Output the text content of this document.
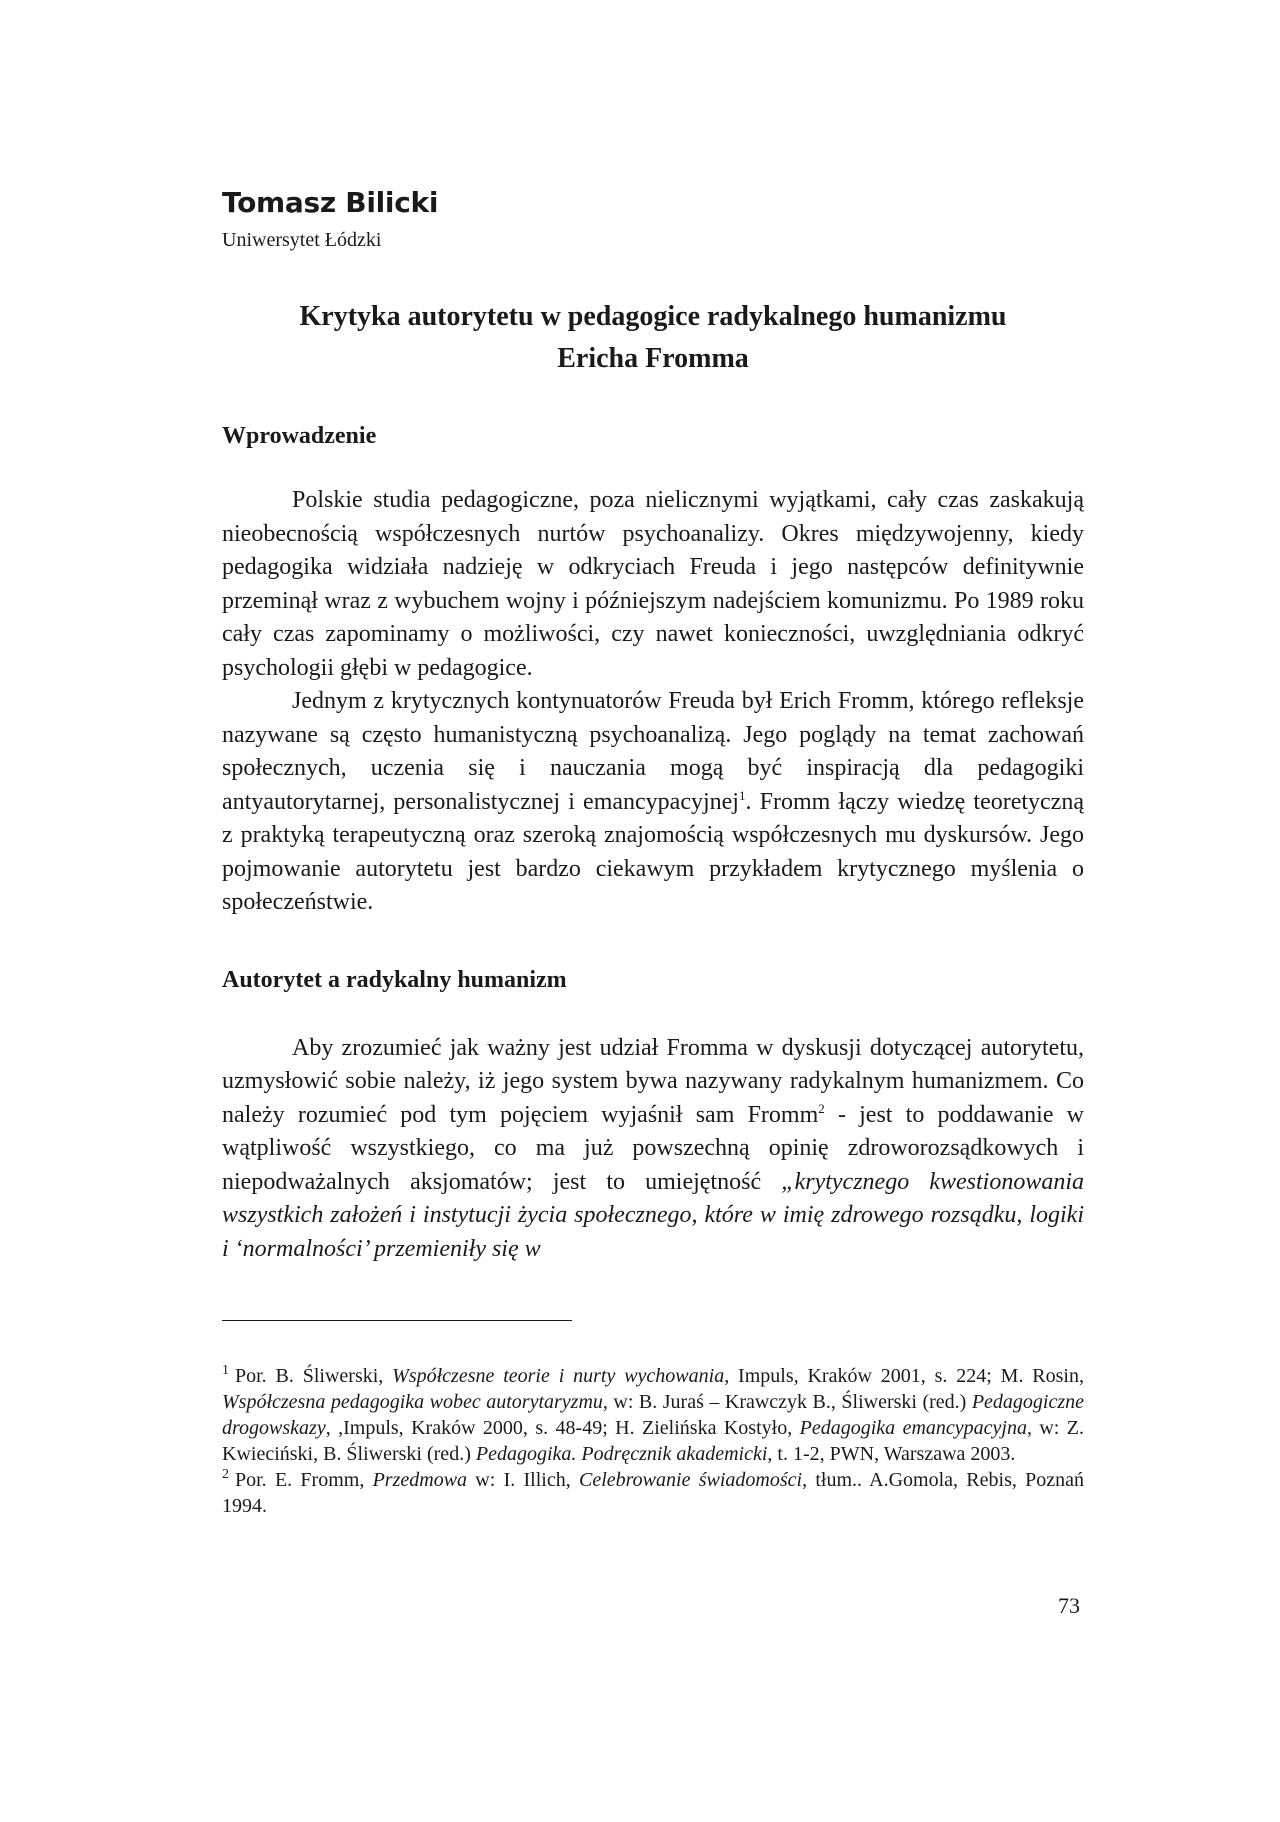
Tomasz Bilicki

Uniwersytet Łódzki

Krytyka autorytetu w pedagogice radykalnego humanizmu
Ericha Fromma
Wprowadzenie

Polskie studia pedagogiczne, poza nielicznymi wyjątkami, cały czas zaskakują nieobecnością współczesnych nurtów psychoanalizy. Okres międzywojenny, kiedy pedagogika widziała nadzieję w odkryciach Freuda i jego następców definitywnie przeminął wraz z wybuchem wojny i późniejszym nadejściem komunizmu. Po 1989 roku cały czas zapominamy o możliwości, czy nawet konieczności, uwzględniania odkryć psychologii głębi w pedagogice.

Jednym z krytycznych kontynuatorów Freuda był Erich Fromm, którego refleksje nazywane są często humanistyczną psychoanalizą. Jego poglądy na temat zachowań społecznych, uczenia się i nauczania mogą być inspiracją dla pedagogiki antyautorytarnej, personalistycznej i emancypacyjnej$^1$. Fromm łączy wiedzę teoretyczną z praktyką terapeutyczną oraz szeroką znajomością współczesnych mu dyskursów. Jego pojmowanie autorytetu jest bardzo ciekawym przykładem krytycznego myślenia o społeczeństwie.

Autorytet a radykalny humanizm

Aby zrozumieć jak ważny jest udział Fromma w dyskusji dotyczącej autorytetu, uzmysłowić sobie należy, iż jego system bywa nazywany radykalnym humanizmem. Co należy rozumieć pod tym pojęciem wyjaśnił sam Fromm$^2$ - jest to poddawanie w wątpliwość wszystkiego, co ma już powszechną opinię zdroworozsądkowych i niepodważalnych aksjomatów; jest to umiejętność „krytycznego kwestionowania wszystkich założeń i instytucji życia społecznego, które w imię zdrowego rozsądku, logiki i ‘normalności’ przemieniły się w

$^1$ Por. B. Śliwerski, Współczesne teorie i nurty wychowania, Impuls, Kraków 2001, s. 224; M. Rosin, Współczesna pedagogika wobec autorytaryzmu, w: B. Juraś – Krawczyk B., Śliwerski (red.) Pedagogiczne drogowskazy, ,Impuls, Kraków 2000, s. 48-49; H. Zielińska Kostyło, Pedagogika emancypacyjna, w: Z. Kwieciński, B. Śliwerski (red.) Pedagogika. Podręcznik akademicki, t. 1-2, PWN, Warszawa 2003.

$^2$ Por. E. Fromm, Przedmowa w: I. Illich, Celebrowanie świadomości, tłum.. A.Gomola, Rebis, Poznań 1994.

73
